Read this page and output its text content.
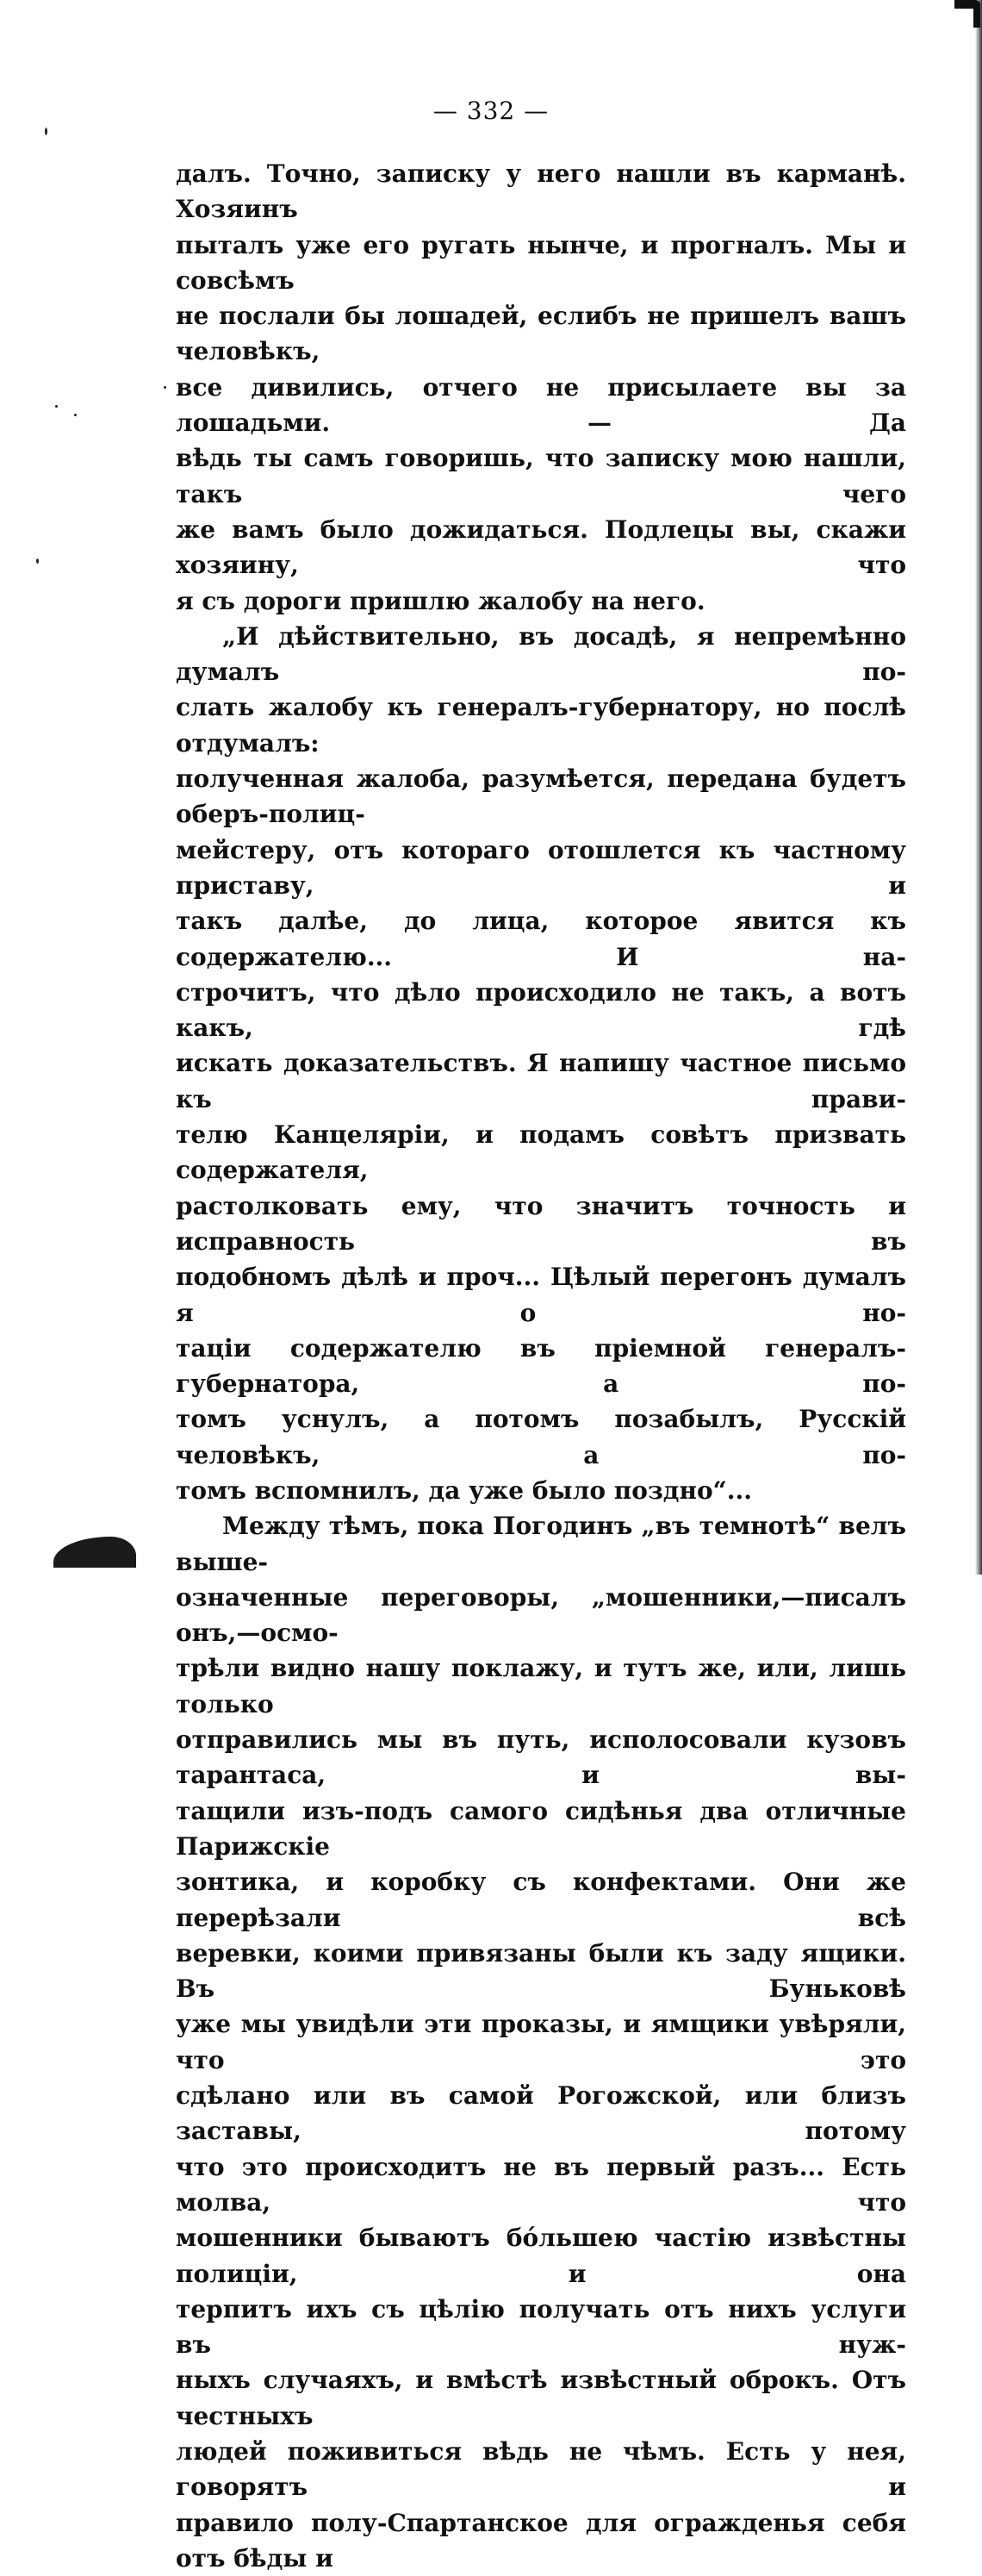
— 332 —
далъ. Точно, записку у него нашли въ карманѣ. Хозяинъ
пыталъ уже его ругать нынче, и прогналъ. Мы и совсѣмъ
не послали бы лошадей, еслибъ не пришелъ вашъ человѣкъ,
все дивились, отчего не присылаете вы за лошадьми. — Да
вѣдь ты самъ говоришь, что записку мою нашли, такъ чего
же вамъ было дожидаться. Подлецы вы, скажи хозяину, что
я съ дороги пришлю жалобу на него.
„И дѣйствительно, въ досадѣ, я непремѣнно думалъ по-
слать жалобу къ генералъ-губернатору, но послѣ отдумалъ:
полученная жалоба, разумѣется, передана будетъ оберъ-полиц-
мейстеру, отъ котораго отошлется къ частному приставу, и
такъ далѣе, до лица, которое явится къ содержателю... И на-
строчитъ, что дѣло происходило не такъ, а вотъ какъ, гдѣ
искать доказательствъ. Я напишу частное письмо къ прави-
телю Канцеляріи, и подамъ совѣтъ призвать содержателя,
растолковать ему, что значитъ точность и исправность въ
подобномъ дѣлѣ и проч... Цѣлый перегонъ думалъ я о но-
таціи содержателю въ пріемной генералъ-губернатора, а по-
томъ уснулъ, а потомъ позабылъ, Русскій человѣкъ, а по-
томъ вспомнилъ, да уже было поздно“...
Между тѣмъ, пока Погодинъ „въ темнотѣ“ велъ выше-
означенные переговоры, „мошенники,—писалъ онъ,—осмо-
трѣли видно нашу поклажу, и тутъ же, или, лишь только
отправились мы въ путь, исполосовали кузовъ тарантаса, и вы-
тащили изъ-подъ самого сидѣнья два отличные Парижскіе
зонтика, и коробку съ конфектами. Они же перерѣзали всѣ
веревки, коими привязаны были къ заду ящики. Въ Буньковѣ
уже мы увидѣли эти проказы, и ямщики увѣряли, что это
сдѣлано или въ самой Рогожской, или близъ заставы, потому
что это происходитъ не въ первый разъ... Есть молва, что
мошенники бываютъ бо́льшею частію извѣстны полиціи, и она
терпитъ ихъ съ цѣлію получать отъ нихъ услуги въ нуж-
ныхъ случаяхъ, и вмѣстѣ извѣстный оброкъ. Отъ честныхъ
людей поживиться вѣдь не чѣмъ. Есть у нея, говорятъ и
правило полу-Спартанское для огражденья себя отъ бѣды и
